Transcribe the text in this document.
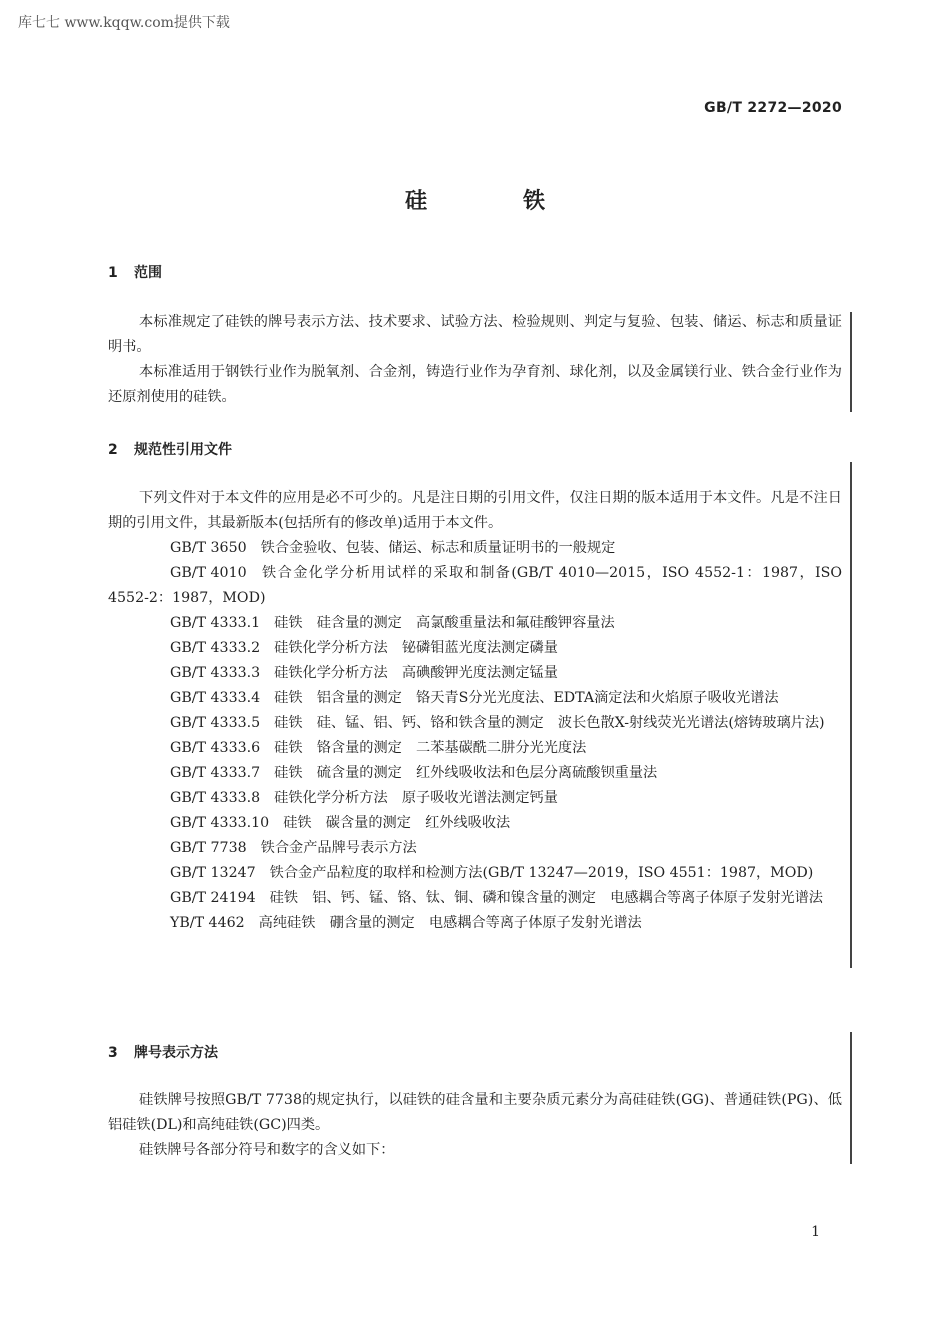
库七七 www.kqqw.com提供下载
GB/T 2272—2020
硅	铁
1 范围

本标准规定了硅铁的牌号表示方法、技术要求、试验方法、检验规则、判定与复验、包装、储运、标志和质量证明书。

本标准适用于钢铁行业作为脱氧剂、合金剂，铸造行业作为孕育剂、球化剂，以及金属镁行业、铁合金行业作为还原剂使用的硅铁。

2 规范性引用文件

下列文件对于本文件的应用是必不可少的。凡是注日期的引用文件，仅注日期的版本适用于本文件。凡是不注日期的引用文件，其最新版本(包括所有的修改单)适用于本文件。

GB/T 3650 铁合金验收、包装、储运、标志和质量证明书的一般规定

GB/T 4010 铁合金化学分析用试样的采取和制备(GB/T 4010—2015，ISO 4552-1：1987，ISO 4552-2：1987，MOD)

GB/T 4333.1 硅铁　硅含量的测定　高氯酸重量法和氟硅酸钾容量法

GB/T 4333.2 硅铁化学分析方法　铋磷钼蓝光度法测定磷量

GB/T 4333.3 硅铁化学分析方法　高碘酸钾光度法测定锰量

GB/T 4333.4 硅铁　铝含量的测定　铬天青S分光光度法、EDTA滴定法和火焰原子吸收光谱法

GB/T 4333.5 硅铁　硅、锰、铝、钙、铬和铁含量的测定　波长色散X-射线荧光光谱法(熔铸玻璃片法)

GB/T 4333.6 硅铁　铬含量的测定　二苯基碳酰二肼分光光度法

GB/T 4333.7 硅铁　硫含量的测定　红外线吸收法和色层分离硫酸钡重量法

GB/T 4333.8 硅铁化学分析方法　原子吸收光谱法测定钙量

GB/T 4333.10 硅铁　碳含量的测定　红外线吸收法

GB/T 7738 铁合金产品牌号表示方法

GB/T 13247 铁合金产品粒度的取样和检测方法(GB/T 13247—2019，ISO 4551：1987，MOD)

GB/T 24194 硅铁　铝、钙、锰、铬、钛、铜、磷和镍含量的测定　电感耦合等离子体原子发射光谱法

YB/T 4462 高纯硅铁　硼含量的测定　电感耦合等离子体原子发射光谱法

3 牌号表示方法

硅铁牌号按照GB/T 7738的规定执行，以硅铁的硅含量和主要杂质元素分为高硅硅铁(GG)、普通硅铁(PG)、低铝硅铁(DL)和高纯硅铁(GC)四类。

硅铁牌号各部分符号和数字的含义如下：

1
